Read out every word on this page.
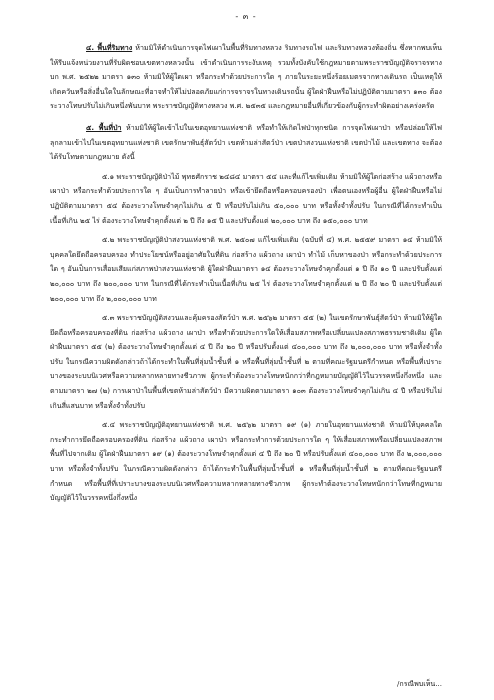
- ๓ -

๔. พื้นที่ริมทาง ห้ามมิให้ดำเนินการจุดไฟเผาในพื้นที่ริมทางหลวง ริมทางรถไฟ และริมทางหลวงท้องถิ่น ซึ่งหากพบเห็นให้รีบแจ้งหน่วยงานที่รับผิดชอบเขตทางหลวงนั้น เข้าดำเนินการระงับเหตุ รวมทั้งบังคับใช้กฎหมายตามพระราชบัญญัติจราจรทางบก พ.ศ. ๒๕๒๒ มาตรา ๑๓๐ ห้ามมิให้ผู้ใดเผา หรือกระทำด้วยประการใด ๆ ภายในระยะหนึ่งร้อยเมตรจากทางเดินรถ เป็นเหตุให้เกิดควันหรือสิ่งอื่นใดในลักษณะที่อาจทำให้ไม่ปลอดภัยแก่การจราจรในทางเดินรถนั้น ผู้ใดฝ่าฝืนหรือไม่ปฏิบัติตามมาตรา ๑๓๐ ต้องระวางโทษปรับไม่เกินหนึ่งพันบาท พระราชบัญญัติทางหลวง พ.ศ. ๒๕๓๕ และกฎหมายอื่นที่เกี่ยวข้องกับผู้กระทำผิดอย่างเคร่งครัด

๕. พื้นที่ป่า ห้ามมิให้ผู้ใดเข้าไปในเขตอุทยานแห่งชาติ หรือทำให้เกิดไฟป่าทุกชนิด การจุดไฟเผาป่า หรือปล่อยให้ไฟลุกลามเข้าไปในเขตอุทยานแห่งชาติ เขตรักษาพันธุ์สัตว์ป่า เขตห้ามล่าสัตว์ป่า เขตป่าสงวนแห่งชาติ เขตป่าไม้ และเขตทาง จะต้องได้รับโทษตามกฎหมาย ดังนี้

๕.๑ พระราชบัญญัติป่าไม้ พุทธศักราช ๒๔๘๔ มาตรา ๕๔ และที่แก้ไขเพิ่มเติม ห้ามมิให้ผู้ใดก่อสร้าง แผ้วถางหรือเผาป่า หรือกระทำด้วยประการใด ๆ อันเป็นการทำลายป่า หรือเข้ายึดถือหรือครอบครองป่า เพื่อตนเองหรือผู้อื่น ผู้ใดฝ่าฝืนหรือไม่ปฏิบัติตามมาตรา ๕๔ ต้องระวางโทษจำคุกไม่เกิน ๕ ปี หรือปรับไม่เกิน ๕๐,๐๐๐ บาท หรือทั้งจำทั้งปรับ ในกรณีที่ได้กระทำเป็นเนื้อที่เกิน ๒๕ ไร่ ต้องระวางโทษจำคุกตั้งแต่ ๒ ปี ถึง ๑๕ ปี และปรับตั้งแต่ ๒๐,๐๐๐ บาท ถึง ๑๕๐,๐๐๐ บาท

๕.๒ พระราชบัญญัติป่าสงวนแห่งชาติ พ.ศ. ๒๕๐๗ แก้ไขเพิ่มเติม (ฉบับที่ ๔) พ.ศ. ๒๕๕๙ มาตรา ๑๔ ห้ามมิให้บุคคลใดยึดถือครอบครอง ทำประโยชน์หรืออยู่อาศัยในที่ดิน ก่อสร้าง แผ้วถาง เผาป่า ทำไม้ เก็บหาของป่า หรือกระทำด้วยประการใด ๆ อันเป็นการเสื่อมเสียแก่สภาพป่าสงวนแห่งชาติ ผู้ใดฝ่าฝืนมาตรา ๑๔ ต้องระวางโทษจำคุกตั้งแต่ ๑ ปี ถึง ๑๐ ปี และปรับตั้งแต่ ๒๐,๐๐๐ บาท ถึง ๒๐๐,๐๐๐ บาท ในกรณีที่ได้กระทำเป็นเนื้อที่เกิน ๒๕ ไร่ ต้องระวางโทษจำคุกตั้งแต่ ๒ ปี ถึง ๒๐ ปี และปรับตั้งแต่ ๒๐๐,๐๐๐ บาท ถึง ๒,๐๐๐,๐๐๐ บาท

๕.๓ พระราชบัญญัติสงวนและคุ้มครองสัตว์ป่า พ.ศ. ๒๕๖๒ มาตรา ๕๕ (๒) ในเขตรักษาพันธุ์สัตว์ป่า ห้ามมิให้ผู้ใดยึดถือหรือครอบครองที่ดิน ก่อสร้าง แผ้วถาง เผาป่า หรือทำด้วยประการใดให้เสื่อมสภาพหรือเปลี่ยนแปลงสภาพธรรมชาติเดิม ผู้ใดฝ่าฝืนมาตรา ๕๕ (๒) ต้องระวางโทษจำคุกตั้งแต่ ๔ ปี ถึง ๒๐ ปี หรือปรับตั้งแต่ ๔๐๐,๐๐๐ บาท ถึง ๒,๐๐๐,๐๐๐ บาท หรือทั้งจำทั้งปรับ ในกรณีความผิดดังกล่าวถ้าได้กระทำในพื้นที่ลุ่มน้ำชั้นที่ ๑ หรือพื้นที่ลุ่มน้ำชั้นที่ ๒ ตามที่คณะรัฐมนตรีกำหนด หรือพื้นที่เปราะบางของระบบนิเวศหรือความหลากหลายทางชีวภาพ ผู้กระทำต้องระวางโทษหนักกว่าที่กฎหมายบัญญัติไว้ในวรรคหนึ่งกึ่งหนึ่ง และตามมาตรา ๒๗ (๒) การเผาป่าในพื้นที่เขตห้ามล่าสัตว์ป่า มีความผิดตามมาตรา ๑๐๓ ต้องระวางโทษจำคุกไม่เกิน ๔ ปี หรือปรับไม่เกินสี่แสนบาท หรือทั้งจำทั้งปรับ

๕.๔ พระราชบัญญัติอุทยานแห่งชาติ พ.ศ. ๒๕๖๒ มาตรา ๑๙ (๑) ภายในอุทยานแห่งชาติ ห้ามมิให้บุคคลใดกระทำการยึดถือครอบครองที่ดิน ก่อสร้าง แผ้วถาง เผาป่า หรือกระทำการด้วยประการใด ๆ ให้เสื่อมสภาพหรือเปลี่ยนแปลงสภาพพื้นที่ไปจากเดิม ผู้ใดฝ่าฝืนมาตรา ๑๙ (๑) ต้องระวางโทษจำคุกตั้งแต่ ๔ ปี ถึง ๒๐ ปี หรือปรับตั้งแต่ ๔๐๐,๐๐๐ บาท ถึง ๒,๐๐๐,๐๐๐ บาท หรือทั้งจำทั้งปรับ ในกรณีความผิดดังกล่าว ถ้าได้กระทำในพื้นที่ลุ่มน้ำชั้นที่ ๑ หรือพื้นที่ลุ่มน้ำชั้นที่ ๒ ตามที่คณะรัฐมนตรีกำหนด หรือพื้นที่ที่เปราะบางของระบบนิเวศหรือความหลากหลายทางชีวภาพ ผู้กระทำต้องระวางโทษหนักกว่าโทษที่กฎหมายบัญญัติไว้ในวรรคหนึ่งกึ่งหนึ่ง

/กรณีพบเห็น...
